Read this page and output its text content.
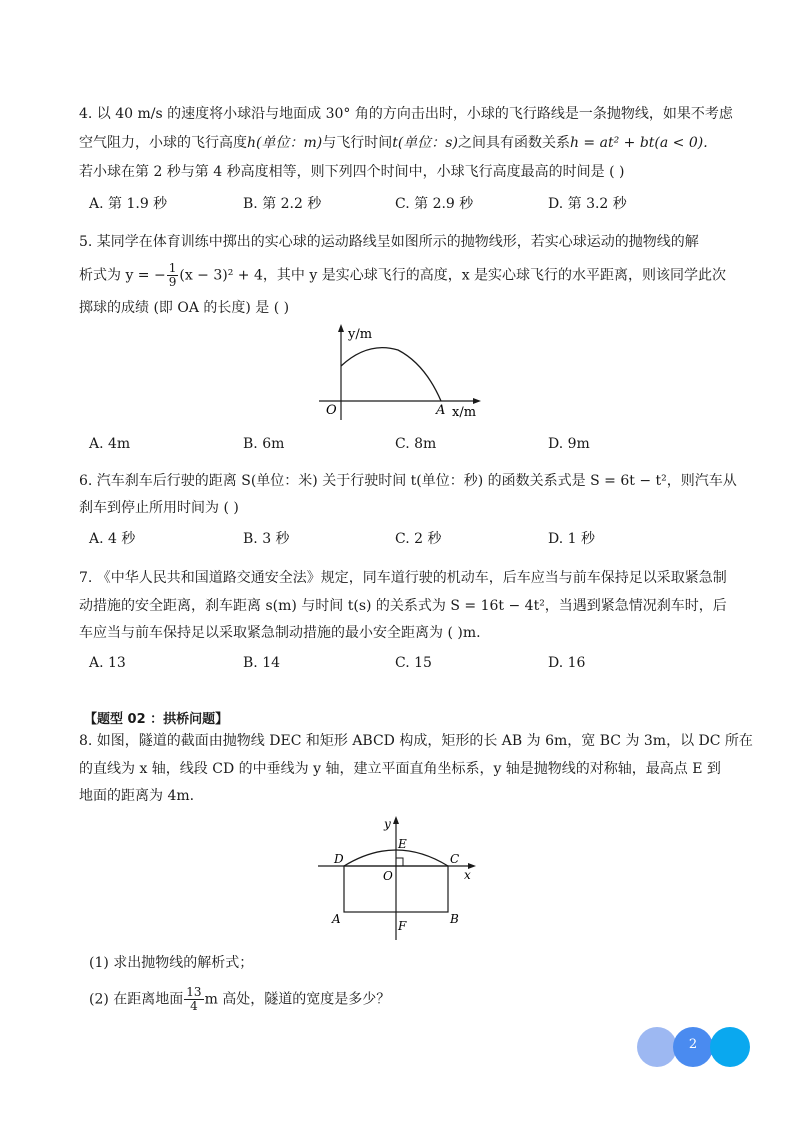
4. 以 40 m/s 的速度将小球沿与地面成 30° 角的方向击出时，小球的飞行路线是一条抛物线，如果不考虑
空气阻力，小球的飞行高度h(单位：m)与飞行时间t(单位：s)之间具有函数关系h = at² + bt(a < 0).
若小球在第 2 秒与第 4 秒高度相等，则下列四个时间中，小球飞行高度最高的时间是 ( )
A. 第 1.9 秒	B. 第 2.2 秒	C. 第 2.9 秒	D. 第 3.2 秒
5. 某同学在体育训练中掷出的实心球的运动路线呈如图所示的抛物线形，若实心球运动的抛物线的解
析式为 y = − $\frac{1}{9} (x - 3)^2 + 4$，其中 y 是实心球飞行的高度，x 是实心球飞行的水平距离，则该同学此次
掷球的成绩 (即 OA 的长度) 是 ( )
y/m
O	A x/m
A. 4m	B. 6m	C. 8m	D. 9m
6. 汽车刹车后行驶的距离 S(单位：米) 关于行驶时间 t(单位：秒) 的函数关系式是 S = 6t − t²，则汽车从
刹车到停止所用时间为 ( )
A. 4 秒	B. 3 秒	C. 2 秒	D. 1 秒
7. 《中华人民共和国道路交通安全法》规定，同车道行驶的机动车，后车应当与前车保持足以采取紧急制
动措施的安全距离，刹车距离 s(m) 与时间 t(s) 的关系式为 S = 16t − 4t²，当遇到紧急情况刹车时，后
车应当与前车保持足以采取紧急制动措施的最小安全距离为 ( )m.
A. 13	B. 14	C. 15	D. 16
【题型 02 ：拱桥问题】
8. 如图，隧道的截面由抛物线 DEC 和矩形 ABCD 构成，矩形的长 AB 为 6m，宽 BC 为 3m，以 DC 所在
的直线为 x 轴，线段 CD 的中垂线为 y 轴，建立平面直角坐标系，y 轴是抛物线的对称轴，最高点 E 到
地面的距离为 4m.
y
E
D	C
x
O
A	B
F
(1) 求出抛物线的解析式；
(2) 在距离地面 $\frac{13}{4}$ m 高处，隧道的宽度是多少？
2
